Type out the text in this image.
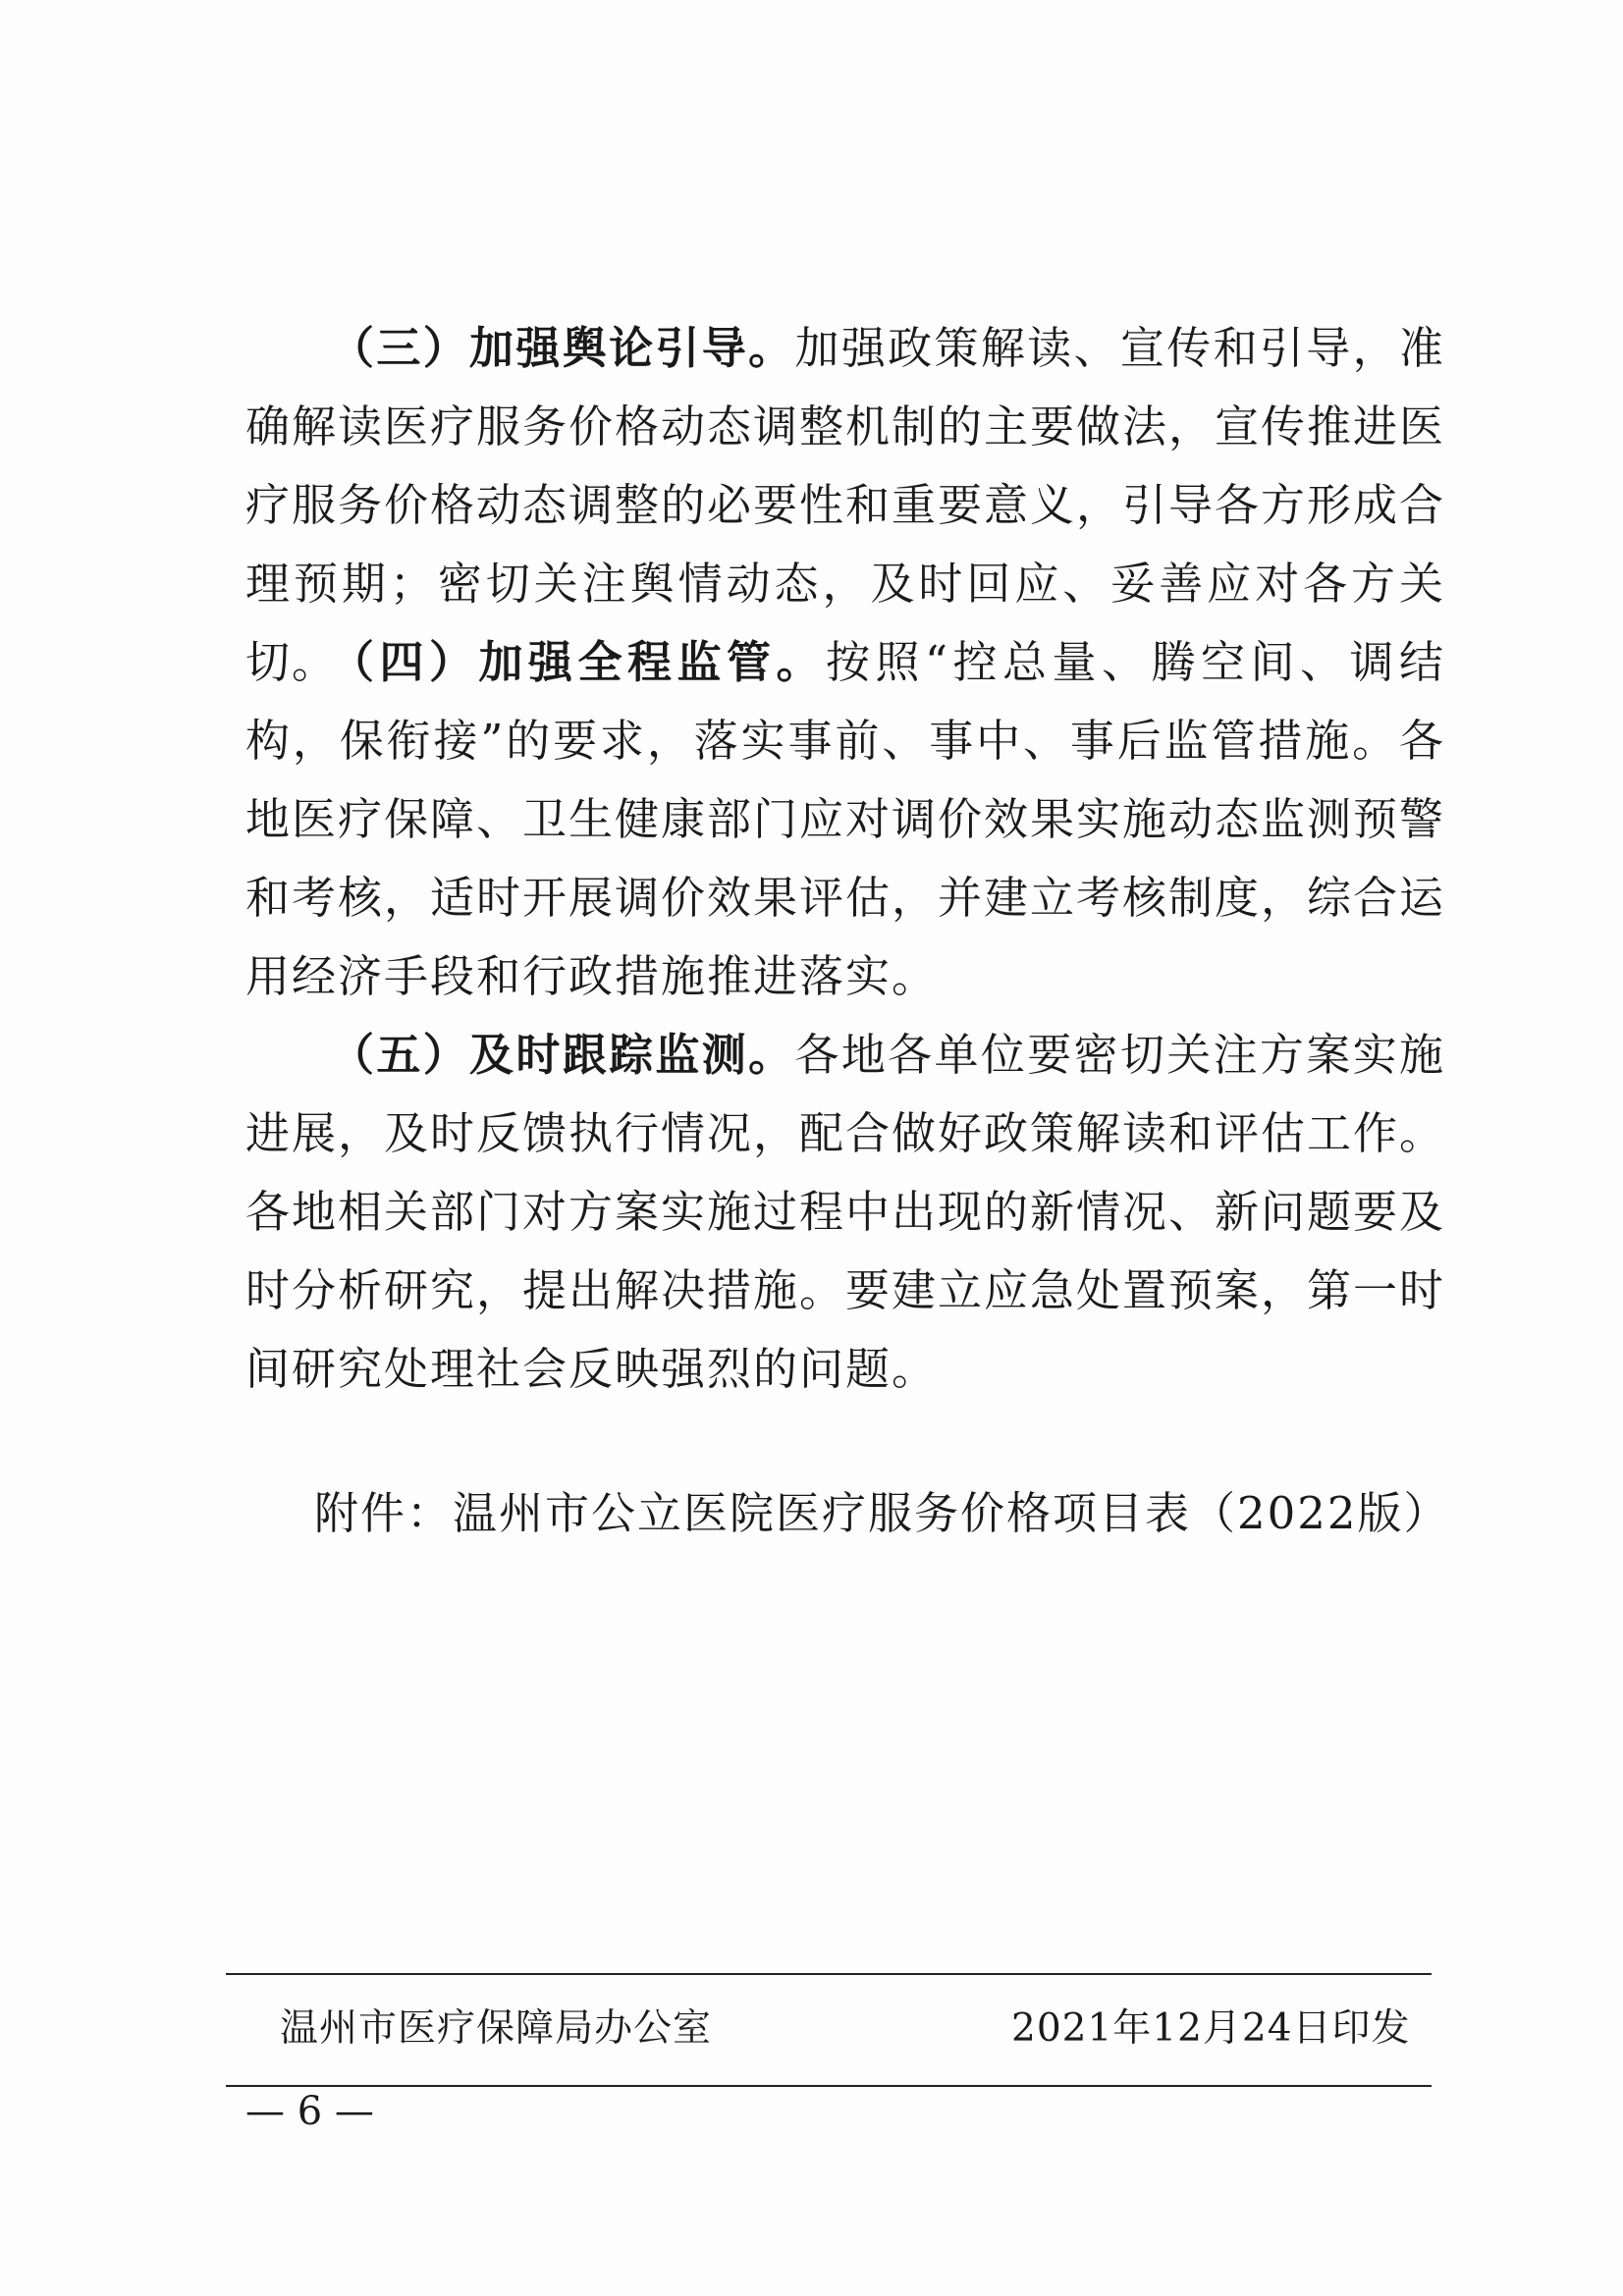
（三）加强舆论引导。加强政策解读、宣传和引导，准确解读医疗服务价格动态调整机制的主要做法，宣传推进医疗服务价格动态调整的必要性和重要意义，引导各方形成合理预期；密切关注舆情动态，及时回应、妥善应对各方关切。

（四）加强全程监管。按照“控总量、腾空间、调结构，保衔接”的要求，落实事前、事中、事后监管措施。各地医疗保障、卫生健康部门应对调价效果实施动态监测预警和考核，适时开展调价效果评估，并建立考核制度，综合运用经济手段和行政措施推进落实。

（五）及时跟踪监测。各地各单位要密切关注方案实施进展，及时反馈执行情况，配合做好政策解读和评估工作。各地相关部门对方案实施过程中出现的新情况、新问题要及时分析研究，提出解决措施。要建立应急处置预案，第一时间研究处理社会反映强烈的问题。

附件：温州市公立医院医疗服务价格项目表（2022版）

温州市医疗保障局办公室	2021年12月24日印发

— 6 —
